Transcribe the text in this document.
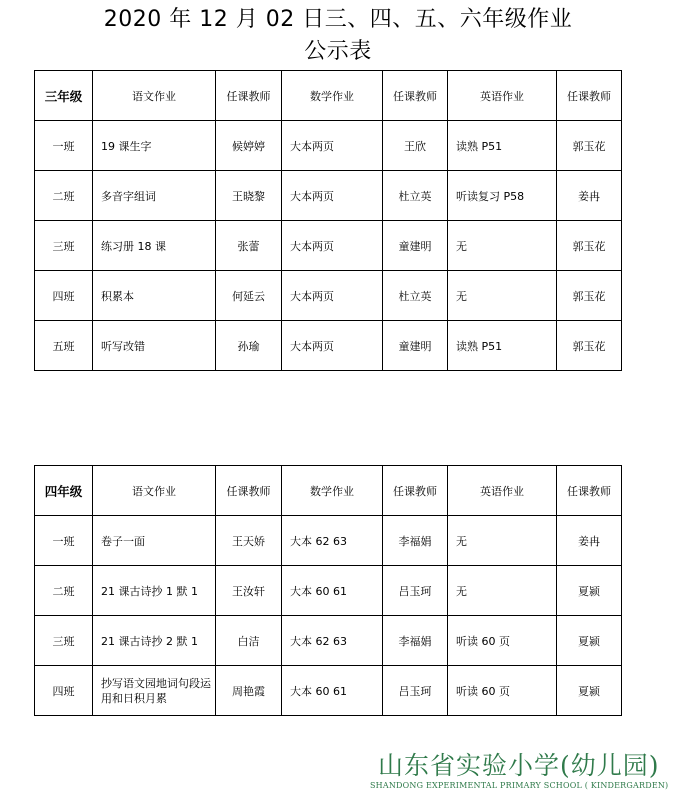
2020 年 12 月 02 日三、四、五、六年级作业
公示表
三年级	语文作业	任课教师	数学作业	任课教师	英语作业	任课教师
一班	19 课生字	候婷婷	大本两页	王欣	读熟 P51	郭玉花
二班	多音字组词	王晓黎	大本两页	杜立英	听读复习 P58	姜冉
三班	练习册 18 课	张蕾	大本两页	童建明	无	郭玉花
四班	积累本	何延云	大本两页	杜立英	无	郭玉花
五班	听写改错	孙瑜	大本两页	童建明	读熟 P51	郭玉花
四年级	语文作业	任课教师	数学作业	任课教师	英语作业	任课教师
一班	卷子一面	王天娇	大本 62 63	李福娟	无	姜冉
二班	21 课古诗抄 1 默 1	王汝轩	大本 60 61	吕玉珂	无	夏颍
三班	21 课古诗抄 2 默 1	白洁	大本 62 63	李福娟	听读 60 页	夏颍
四班	抄写语文园地词句段运用和日积月累	周艳霞	大本 60 61	吕玉珂	听读 60 页	夏颍
山东省实验小学(幼儿园)
SHANDONG EXPERIMENTAL PRIMARY SCHOOL ( KINDERGARDEN)
